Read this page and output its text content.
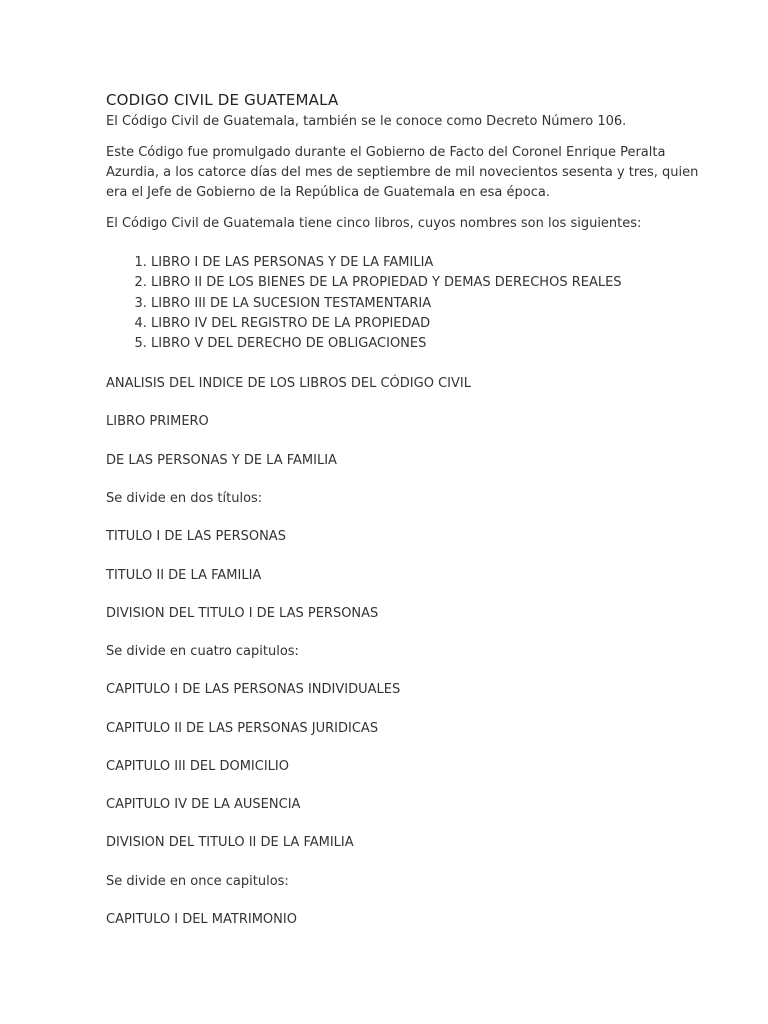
CODIGO CIVIL DE GUATEMALA

El Código Civil de Guatemala, también se le conoce como Decreto Número 106.

Este Código fue promulgado durante el Gobierno de Facto del Coronel Enrique Peralta Azurdia, a los catorce días del mes de septiembre de mil novecientos sesenta y tres, quien era el Jefe de Gobierno de la República de Guatemala en esa época.

El Código Civil de Guatemala tiene cinco libros, cuyos nombres son los siguientes:

1. LIBRO I DE LAS PERSONAS Y DE LA FAMILIA
2. LIBRO II DE LOS BIENES DE LA PROPIEDAD Y DEMAS DERECHOS REALES
3. LIBRO III DE LA SUCESION TESTAMENTARIA
4. LIBRO IV DEL REGISTRO DE LA PROPIEDAD
5. LIBRO V DEL DERECHO DE OBLIGACIONES

ANALISIS DEL INDICE DE LOS LIBROS DEL CÓDIGO CIVIL

LIBRO PRIMERO

DE LAS PERSONAS Y DE LA FAMILIA

Se divide en dos títulos:

TITULO I DE LAS PERSONAS

TITULO II DE LA FAMILIA

DIVISION DEL TITULO I DE LAS PERSONAS

Se divide en cuatro capitulos:

CAPITULO I DE LAS PERSONAS INDIVIDUALES

CAPITULO II DE LAS PERSONAS JURIDICAS

CAPITULO III DEL DOMICILIO

CAPITULO IV DE LA AUSENCIA

DIVISION DEL TITULO II DE LA FAMILIA

Se divide en once capitulos:

CAPITULO I DEL MATRIMONIO
